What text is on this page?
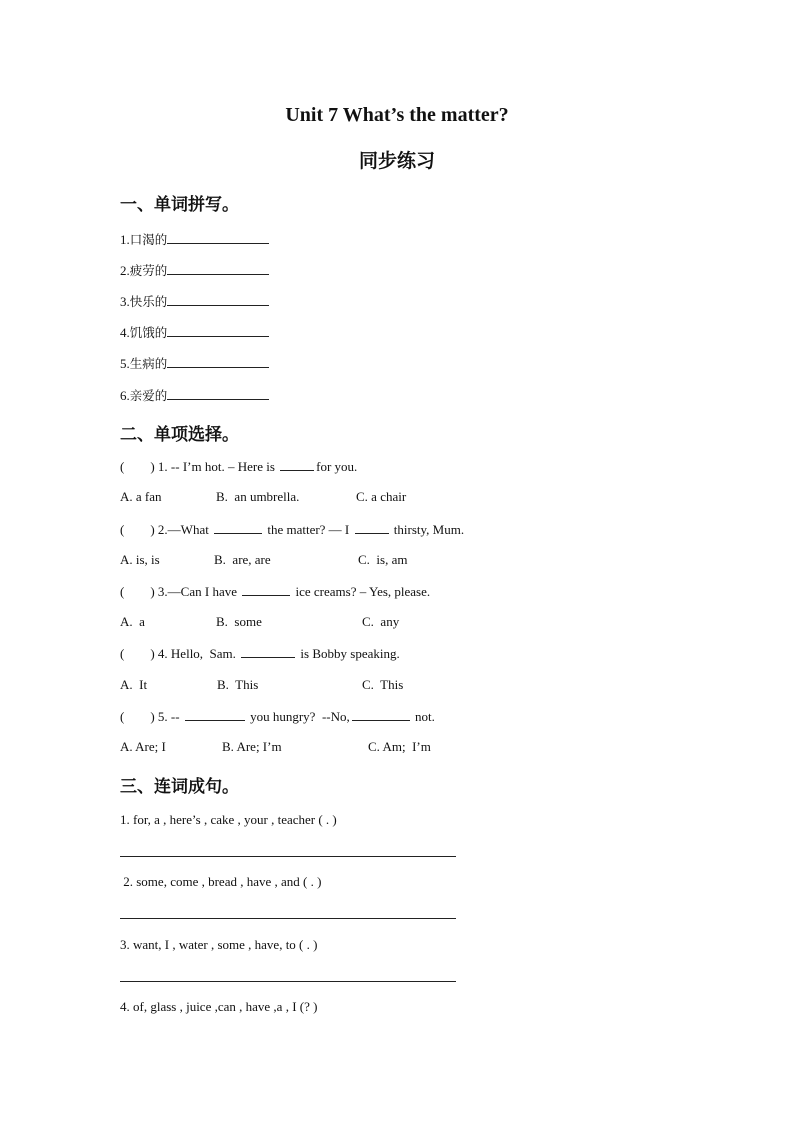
Unit 7 What’s the matter?
同步练习
一、单词拼写。
1.口渴的
2.疲劳的
3.快乐的
4.饥饿的
5.生病的
6.亲爱的
二、单项选择。
(        ) 1. -- I’m hot. – Here is	for you.
A. a fan	B.  an umbrella.	C. a chair
(        ) 2.—What	the matter? — I	thirsty, Mum.
A. is, is	B.  are, are	C.  is, am
(        ) 3.—Can I have	ice creams? – Yes, please.
A.  a	B.  some	C.  any
(        ) 4. Hello,  Sam.	is Bobby speaking.
A.  It	B.  This	C.  This
(        ) 5. --	you hungry?  --No,	not.
A. Are; I	B. Are; I’m	C. Am;  I’m
三、连词成句。
1. for, a , here’s , cake , your , teacher ( . )
2. some, come , bread , have , and ( . )
3. want, I , water , some , have, to ( . )
4. of, glass , juice ,can , have ,a , I (? )
